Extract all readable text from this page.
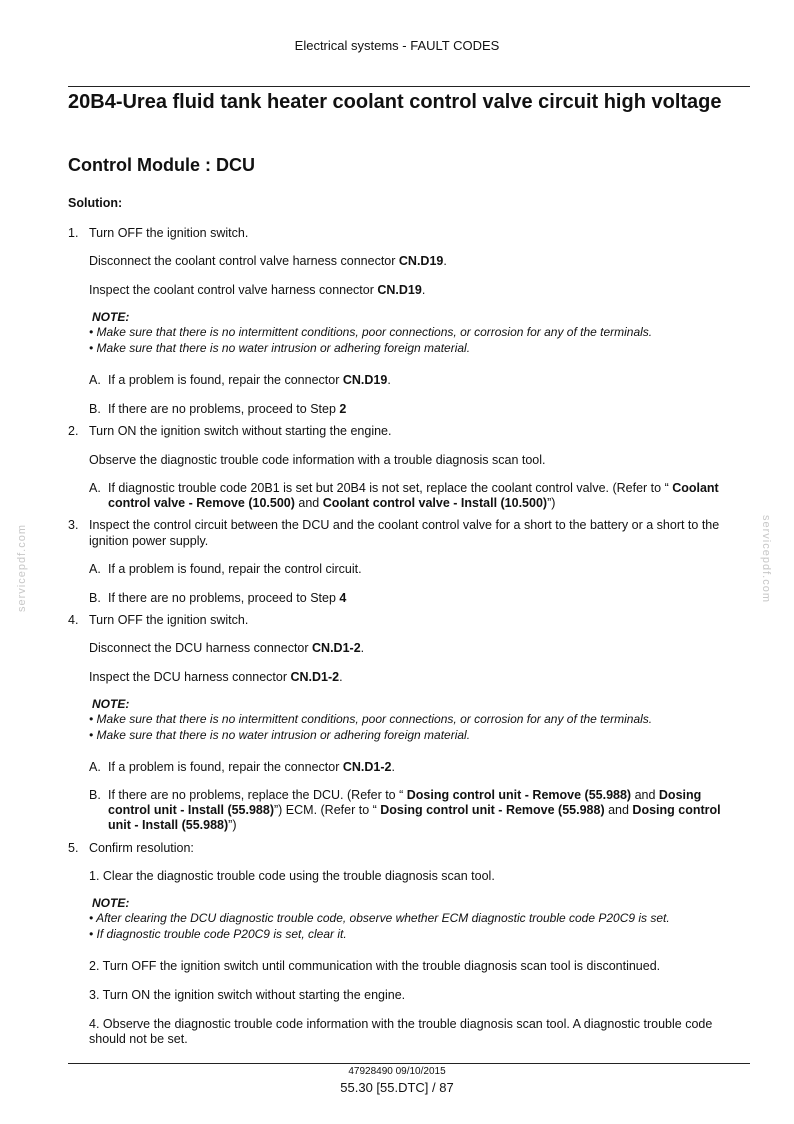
Electrical systems - FAULT CODES
20B4-Urea fluid tank heater coolant control valve circuit high voltage
Control Module : DCU
Solution:
1. Turn OFF the ignition switch.
Disconnect the coolant control valve harness connector CN.D19.
Inspect the coolant control valve harness connector CN.D19.
NOTE:
• Make sure that there is no intermittent conditions, poor connections, or corrosion for any of the terminals.
• Make sure that there is no water intrusion or adhering foreign material.
A. If a problem is found, repair the connector CN.D19.
B. If there are no problems, proceed to Step 2
2. Turn ON the ignition switch without starting the engine.
Observe the diagnostic trouble code information with a trouble diagnosis scan tool.
A. If diagnostic trouble code 20B1 is set but 20B4 is not set, replace the coolant control valve. (Refer to “ Coolant
control valve - Remove (10.500) and Coolant control valve - Install (10.500)”)
3. Inspect the control circuit between the DCU and the coolant control valve for a short to the battery or a short to the
ignition power supply.
A. If a problem is found, repair the control circuit.
B. If there are no problems, proceed to Step 4
4. Turn OFF the ignition switch.
Disconnect the DCU harness connector CN.D1-2.
Inspect the DCU harness connector CN.D1-2.
NOTE:
• Make sure that there is no intermittent conditions, poor connections, or corrosion for any of the terminals.
• Make sure that there is no water intrusion or adhering foreign material.
A. If a problem is found, repair the connector CN.D1-2.
B. If there are no problems, replace the DCU. (Refer to “ Dosing control unit - Remove (55.988) and Dosing
control unit - Install (55.988)”) ECM. (Refer to “ Dosing control unit - Remove (55.988) and Dosing control
unit - Install (55.988)”)
5. Confirm resolution:
1. Clear the diagnostic trouble code using the trouble diagnosis scan tool.
NOTE:
• After clearing the DCU diagnostic trouble code, observe whether ECM diagnostic trouble code P20C9 is set.
• If diagnostic trouble code P20C9 is set, clear it.
2. Turn OFF the ignition switch until communication with the trouble diagnosis scan tool is discontinued.
3. Turn ON the ignition switch without starting the engine.
4. Observe the diagnostic trouble code information with the trouble diagnosis scan tool. A diagnostic trouble code
should not be set.
servicepdf.com	servicepdf.com
47928490 09/10/2015
55.30 [55.DTC] / 87
